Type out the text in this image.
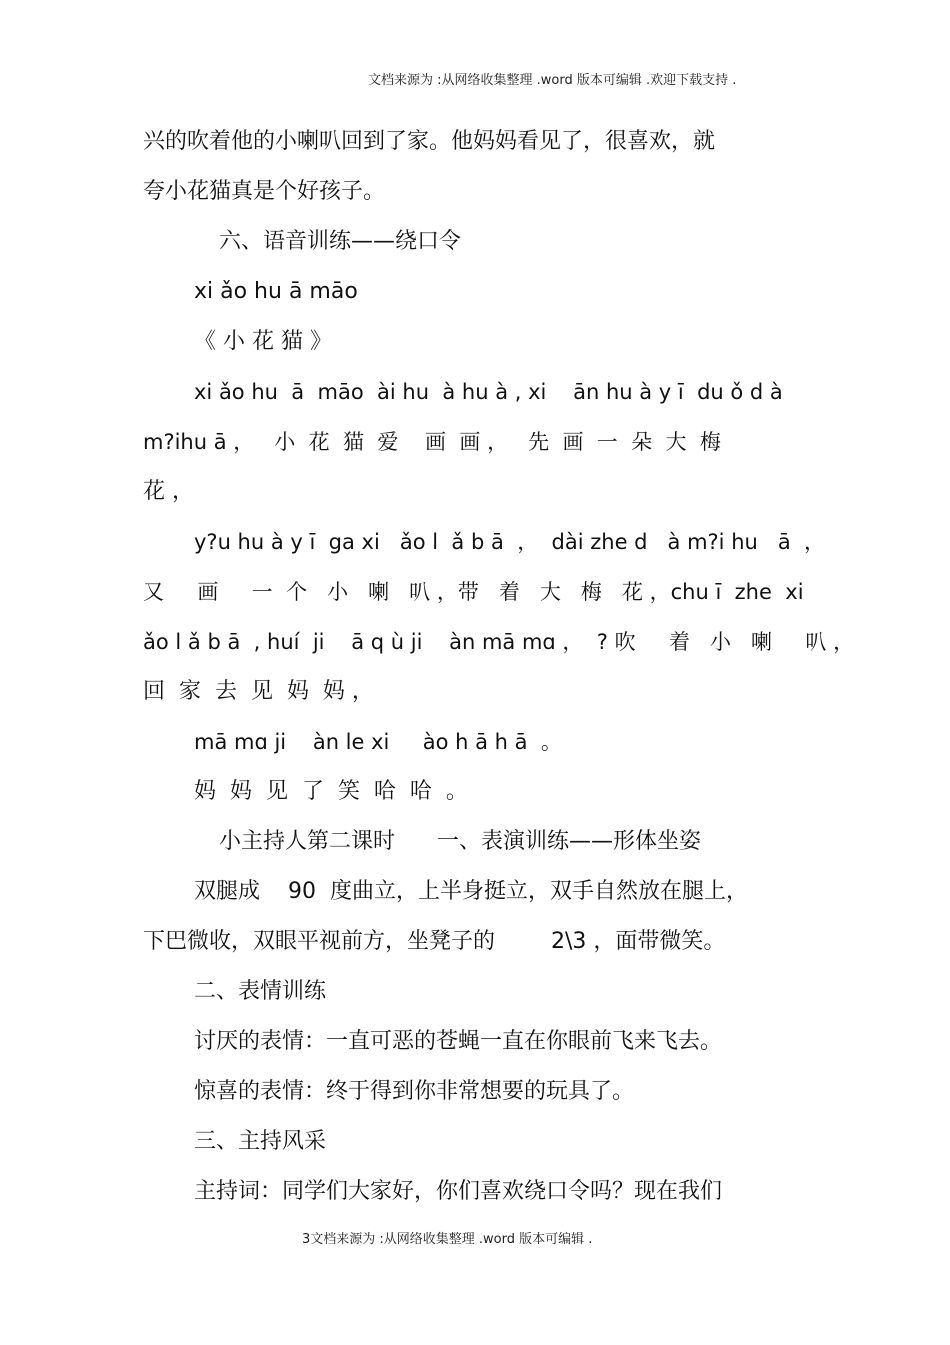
文档来源为 :从网络收集整理 .word 版本可编辑 .欢迎下载支持 .

兴的吹着他的小喇叭回到了家。他妈妈看见了，很喜欢，就

夸小花猫真是个好孩子。

六、语音训练——绕口令

xi ǎo hu ā māo

《 小 花 猫 》

xi ǎo hu  ā  māo  ài hu  à hu à , xi    ān hu à y ī  du ǒ d à

m?ihu ā ，   小  花  猫  爱    画  画 ，   先  画  一  朵  大  梅

花 ，

y?u hu à y ī  ga xi   ǎo l  ǎ b ā  ，  dài zhe d   à m?i hu   ā  ，

又     画     一  个   小   喇   叭 ，带   着   大   梅   花 ，chu ī  zhe  xi

ǎo l ǎ b ā  , huí  ji    ā q ù ji    àn mā mɑ ，  ? 吹     着   小   喇     叭 ，

回  家  去  见  妈  妈 ，

mā mɑ ji    àn le xi     ào h ā h ā  。

妈  妈  见  了  笑  哈  哈  。

小主持人第二课时      一、表演训练——形体坐姿

双腿成    90  度曲立，上半身挺立，双手自然放在腿上，

下巴微收，双眼平视前方，坐凳子的        2\3 ，面带微笑。

二、表情训练

讨厌的表情：一直可恶的苍蝇一直在你眼前飞来飞去。

惊喜的表情：终于得到你非常想要的玩具了。

三、主持风采

主持词：同学们大家好，你们喜欢绕口令吗？现在我们

3文档来源为 :从网络收集整理 .word 版本可编辑 .
